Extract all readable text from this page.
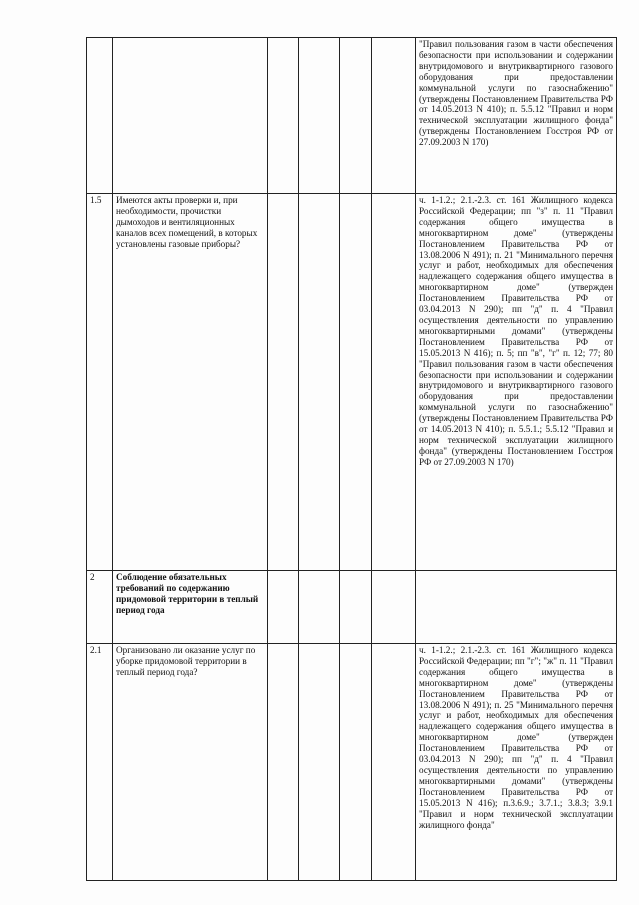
						"Правил пользования газом в части обеспечения безопасности при использовании и содержании внутридомового и внутриквартирного газового оборудования при предоставлении коммунальной услуги по газоснабжению" (утверждены Постановлением Правительства РФ от 14.05.2013 N 410); п. 5.5.12 "Правил и норм технической эксплуатации жилищного фонда" (утверждены Постановлением Госстроя РФ от 27.09.2003 N 170)
1.5	Имеются акты проверки и, при необходимости, прочистки дымоходов и вентиляционных каналов всех помещений, в которых установлены газовые приборы?					ч. 1-1.2.; 2.1.-2.3. ст. 161 Жилищного кодекса Российской Федерации; пп "з" п. 11 "Правил содержания общего имущества в многоквартирном доме" (утверждены Постановлением Правительства РФ от 13.08.2006 N 491); п. 21 "Минимального перечня услуг и работ, необходимых для обеспечения надлежащего содержания общего имущества в многоквартирном доме" (утвержден Постановлением Правительства РФ от 03.04.2013 N 290); пп "д" п. 4 "Правил осуществления деятельности по управлению многоквартирными домами" (утверждены Постановлением Правительства РФ от 15.05.2013 N 416); п. 5; пп "в", "г" п. 12; 77; 80 "Правил пользования газом в части обеспечения безопасности при использовании и содержании внутридомового и внутриквартирного газового оборудования при предоставлении коммунальной услуги по газоснабжению" (утверждены Постановлением Правительства РФ от 14.05.2013 N 410); п. 5.5.1.; 5.5.12 "Правил и норм технической эксплуатации жилищного фонда" (утверждены Постановлением Госстроя РФ от 27.09.2003 N 170)
2	Соблюдение обязательных требований по содержанию придомовой территории в теплый период года					
2.1	Организовано ли оказание услуг по уборке придомовой территории в теплый период года?					ч. 1-1.2.; 2.1.-2.3. ст. 161 Жилищного кодекса Российской Федерации; пп "г"; "ж" п. 11 "Правил содержания общего имущества в многоквартирном доме" (утверждены Постановлением Правительства РФ от 13.08.2006 N 491); п. 25 "Минимального перечня услуг и работ, необходимых для обеспечения надлежащего содержания общего имущества в многоквартирном доме" (утвержден Постановлением Правительства РФ от 03.04.2013 N 290); пп "д" п. 4 "Правил осуществления деятельности по управлению многоквартирными домами" (утверждены Постановлением Правительства РФ от 15.05.2013 N 416); п.3.6.9.; 3.7.1.; 3.8.3; 3.9.1 "Правил и норм технической эксплуатации жилищного фонда"
